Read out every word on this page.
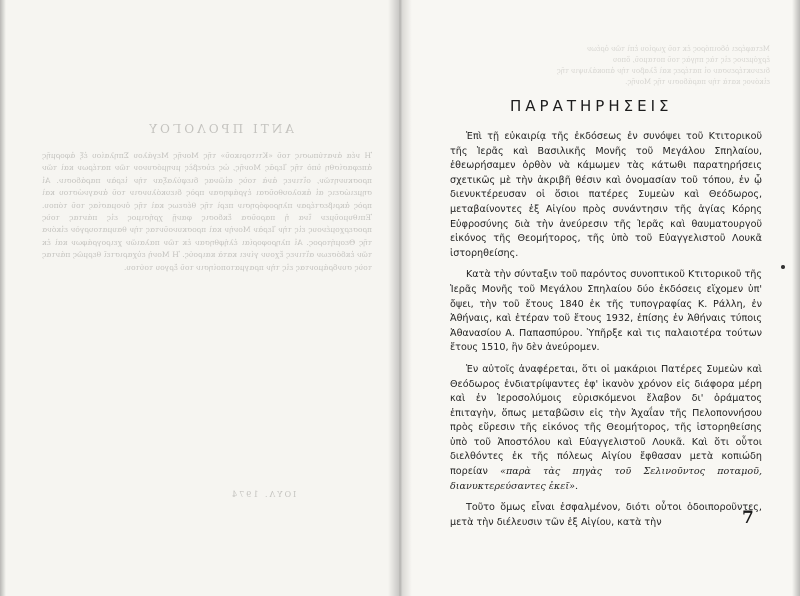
ΑΝΤΙ ΠΡΟΛΟΓΟΥ
Ἡ νέα ἀνατύπωσις τοῦ «Κτιτορικοῦ» τῆς Μονῆς Μεγάλου Σπηλαίου ἐξ ἀφορμῆς ἀπεφασίσθη ὑπὸ τῆς Ἱερᾶς Μονῆς, ὡς εὐσεβὲς μνημόσυνον τῶν πατέρων καὶ τῶν προσκυνητῶν, οἵτινες ἀνὰ τοὺς αἰῶνας διεφύλαξαν τὴν ἱερὰν παράδοσιν. Αἱ σημειώσεις αἱ ἀκολουθοῦσαι ἐγράφησαν πρὸς διευκόλυνσιν τοῦ ἀναγνώστου καὶ πρὸς ἀκριβεστέραν πληροφόρησιν περὶ τῆς θέσεως καὶ τῆς ὀνομασίας τοῦ τόπου. Ἐπιθυμοῦμεν ἵνα ἡ παροῦσα ἔκδοσις φανῇ χρήσιμος εἰς πάντας τοὺς προσερχομένους εἰς τὴν Ἱερὰν Μονὴν καὶ προσκυνοῦντας τὴν θαυματουργὸν εἰκόνα τῆς Θεομήτορος. Αἱ πληροφορίαι ἐλήφθησαν ἐκ τῶν παλαιῶν χειρογράφων καὶ ἐκ τῶν ἐκδόσεων αἵτινες ἔχουν γίνει κατὰ καιρούς. Ἡ Μονὴ εὐχαριστεῖ θερμῶς πάντας τοὺς συνδράμοντας εἰς τὴν πραγματοποίησιν τοῦ ἔργου τούτου.
ΙΟΥΛ. 1974
Μεταφέρει ὁδοιπόρος ἐκ τοῦ χωρίου ἐπὶ τῶν ὀρέων ἐρχόμενος εἰς τὰς πηγὰς τοῦ ποταμοῦ, ὅπου διενυκτέρευσαν οἱ πατέρες καὶ ἔλαβον τὴν ἀποκάλυψιν τῆς εἰκόνος κατὰ τὴν παράδοσιν τῆς Μονῆς.
ΠΑΡΑΤΗΡΗΣΕΙΣ

Ἐπὶ τῇ εὐκαιρίᾳ τῆς ἐκδόσεως ἐν συνόψει τοῦ Κτιτορικοῦ τῆς Ἱερᾶς καὶ Βασιλικῆς Μονῆς τοῦ Μεγάλου Σπηλαίου, ἐθεωρήσαμεν ὀρθὸν νὰ κάμωμεν τὰς κάτωθι παρατηρήσεις σχετικῶς μὲ τὴν ἀκριβῆ θέσιν καὶ ὀνομασίαν τοῦ τόπου, ἐν ᾧ διενυκτέρευσαν οἱ ὅσιοι πατέρες Συμεὼν καὶ Θεόδωρος, μεταβαίνοντες ἐξ Αἰγίου πρὸς συνάντησιν τῆς ἁγίας Κόρης Εὐφροσύνης διὰ τὴν ἀνεύρεσιν τῆς Ἱερᾶς καὶ θαυματουργοῦ εἰκόνος τῆς Θεομήτορος, τῆς ὑπὸ τοῦ Εὐαγγελιστοῦ Λουκᾶ ἱστορηθείσης.

Κατὰ τὴν σύνταξιν τοῦ παρόντος συνοπτικοῦ Κτιτορικοῦ τῆς Ἱερᾶς Μονῆς τοῦ Μεγάλου Σπηλαίου δύο ἐκδόσεις εἴχομεν ὑπ' ὄψει, τὴν τοῦ ἔτους 1840 ἐκ τῆς τυπογραφίας Κ. Ράλλη, ἐν Ἀθήναις, καὶ ἑτέραν τοῦ ἔτους 1932, ἐπίσης ἐν Ἀθήναις τύποις Ἀθανασίου Α. Παπασπύρου. Ὑπῆρξε καὶ τις παλαιοτέρα τούτων ἔτους 1510, ἣν δὲν ἀνεύρομεν.

Ἐν αὐτοῖς ἀναφέρεται, ὅτι οἱ μακάριοι Πατέρες Συμεὼν καὶ Θεόδωρος ἐνδιατρίψαντες ἐφ' ἱκανὸν χρόνον εἰς διάφορα μέρη καὶ ἐν Ἱεροσολύμοις εὑρισκόμενοι ἔλαβον δι' ὁράματος ἐπιταγὴν, ὅπως μεταβῶσιν εἰς τὴν Ἀχαΐαν τῆς Πελοποννήσου πρὸς εὕρεσιν τῆς εἰκόνος τῆς Θεομήτορος, τῆς ἱστορηθείσης ὑπὸ τοῦ Ἀποστόλου καὶ Εὐαγγελιστοῦ Λουκᾶ. Καὶ ὅτι οὗτοι διελθόντες ἐκ τῆς πόλεως Αἰγίου ἔφθασαν μετὰ κοπιώδη πορείαν «παρὰ τὰς πηγὰς τοῦ Σελινοῦντος ποταμοῦ, διανυκτερεύσαντες ἐκεῖ».

Τοῦτο ὅμως εἶναι ἐσφαλμένον, διότι οὗτοι ὁδοιποροῦντες, μετὰ τὴν διέλευσιν τῶν ἐξ Αἰγίου, κατὰ τὴν	7
